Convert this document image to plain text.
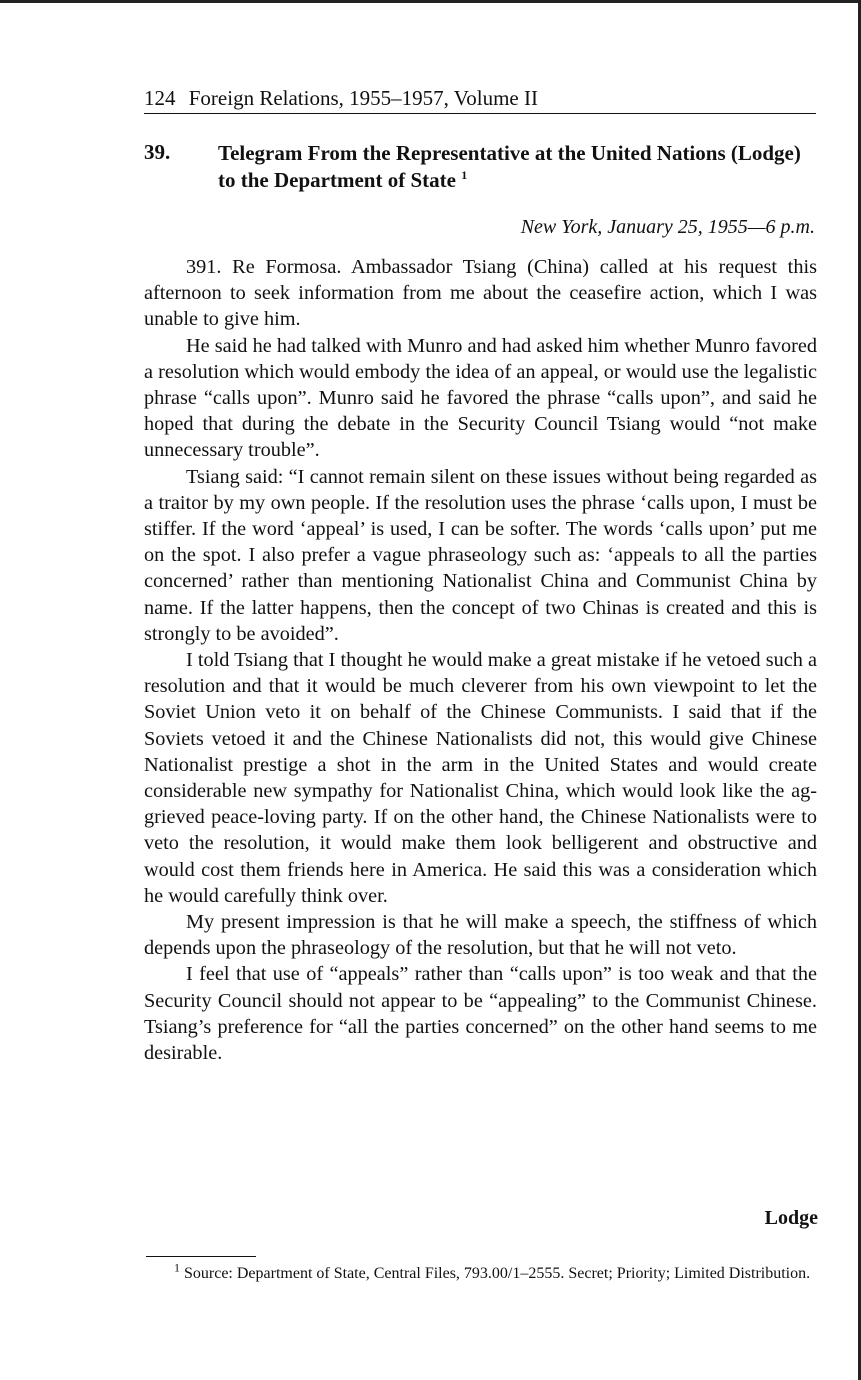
124 Foreign Relations, 1955–1957, Volume II
39. Telegram From the Representative at the United Nations (Lodge) to the Department of State $^1$
New York, January 25, 1955—6 p.m.

391. Re Formosa. Ambassador Tsiang (China) called at his request this afternoon to seek information from me about the ceasefire action, which I was unable to give him.

He said he had talked with Munro and had asked him whether Munro favored a resolution which would embody the idea of an appeal, or would use the legalistic phrase “calls upon”. Munro said he favored the phrase “calls upon”, and said he hoped that during the debate in the Security Council Tsiang would “not make unnecessary trouble”.

Tsiang said: “I cannot remain silent on these issues without being regarded as a traitor by my own people. If the resolution uses the phrase ‘calls upon, I must be stiffer. If the word ‘appeal’ is used, I can be softer. The words ‘calls upon’ put me on the spot. I also prefer a vague phraseology such as: ‘appeals to all the parties concerned’ rather than mentioning Nationalist China and Communist China by name. If the latter happens, then the concept of two Chinas is created and this is strongly to be avoided”.

I told Tsiang that I thought he would make a great mistake if he vetoed such a resolution and that it would be much cleverer from his own viewpoint to let the Soviet Union veto it on behalf of the Chinese Communists. I said that if the Soviets vetoed it and the Chinese Nationalists did not, this would give Chinese Nationalist prestige a shot in the arm in the United States and would create considerable new sympathy for Nationalist China, which would look like the aggrieved peace-loving party. If on the other hand, the Chinese Nationalists were to veto the resolution, it would make them look belligerent and obstructive and would cost them friends here in America. He said this was a consideration which he would carefully think over.

My present impression is that he will make a speech, the stiffness of which depends upon the phraseology of the resolution, but that he will not veto.

I feel that use of “appeals” rather than “calls upon” is too weak and that the Security Council should not appear to be “appealing” to the Communist Chinese. Tsiang’s preference for “all the parties concerned” on the other hand seems to me desirable.

Lodge
$^1$ Source: Department of State, Central Files, 793.00/1–2555. Secret; Priority; Limited Distribution.
